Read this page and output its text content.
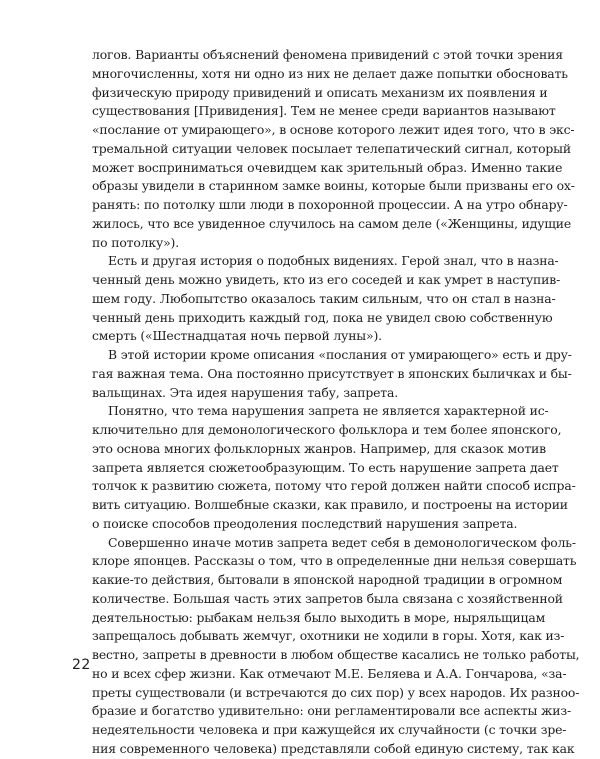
логов. Варианты объяснений феномена привидений с этой точки зрения
многочисленны, хотя ни одно из них не делает даже попытки обосновать
физическую природу привидений и описать механизм их появления и
существования [Привидения]. Тем не менее среди вариантов называют
«послание от умирающего», в основе которого лежит идея того, что в экс-
тремальной ситуации человек посылает телепатический сигнал, который
может восприниматься очевидцем как зрительный образ. Именно такие
образы увидели в старинном замке воины, которые были призваны его ох-
ранять: по потолку шли люди в похоронной процессии. А на утро обнару-
жилось, что все увиденное случилось на самом деле («Женщины, идущие
по потолку»).
Есть и другая история о подобных видениях. Герой знал, что в назна-
ченный день можно увидеть, кто из его соседей и как умрет в наступив-
шем году. Любопытство оказалось таким сильным, что он стал в назна-
ченный день приходить каждый год, пока не увидел свою собственную
смерть («Шестнадцатая ночь первой луны»).
В этой истории кроме описания «послания от умирающего» есть и дру-
гая важная тема. Она постоянно присутствует в японских быличках и бы-
вальщинах. Эта идея нарушения табу, запрета.
Понятно, что тема нарушения запрета не является характерной ис-
ключительно для демонологического фольклора и тем более японского,
это основа многих фольклорных жанров. Например, для сказок мотив
запрета является сюжетообразующим. То есть нарушение запрета дает
толчок к развитию сюжета, потому что герой должен найти способ испра-
вить ситуацию. Волшебные сказки, как правило, и построены на истории
о поиске способов преодоления последствий нарушения запрета.
Совершенно иначе мотив запрета ведет себя в демонологическом фоль-
клоре японцев. Рассказы о том, что в определенные дни нельзя совершать
какие-то действия, бытовали в японской народной традиции в огромном
количестве. Большая часть этих запретов была связана с хозяйственной
деятельностью: рыбакам нельзя было выходить в море, ныряльщицам
запрещалось добывать жемчуг, охотники не ходили в горы. Хотя, как из-
вестно, запреты в древности в любом обществе касались не только работы,
но и всех сфер жизни. Как отмечают М.Е. Беляева и А.А. Гончарова, «за-
преты существовали (и встречаются до сих пор) у всех народов. Их разнoo-
бразие и богатство удивительно: они регламентировали все аспекты жиз-
недеятельности человека и при кажущейся их случайности (с точки зре-
ния современного человека) представляли собой единую систему, так как
22
